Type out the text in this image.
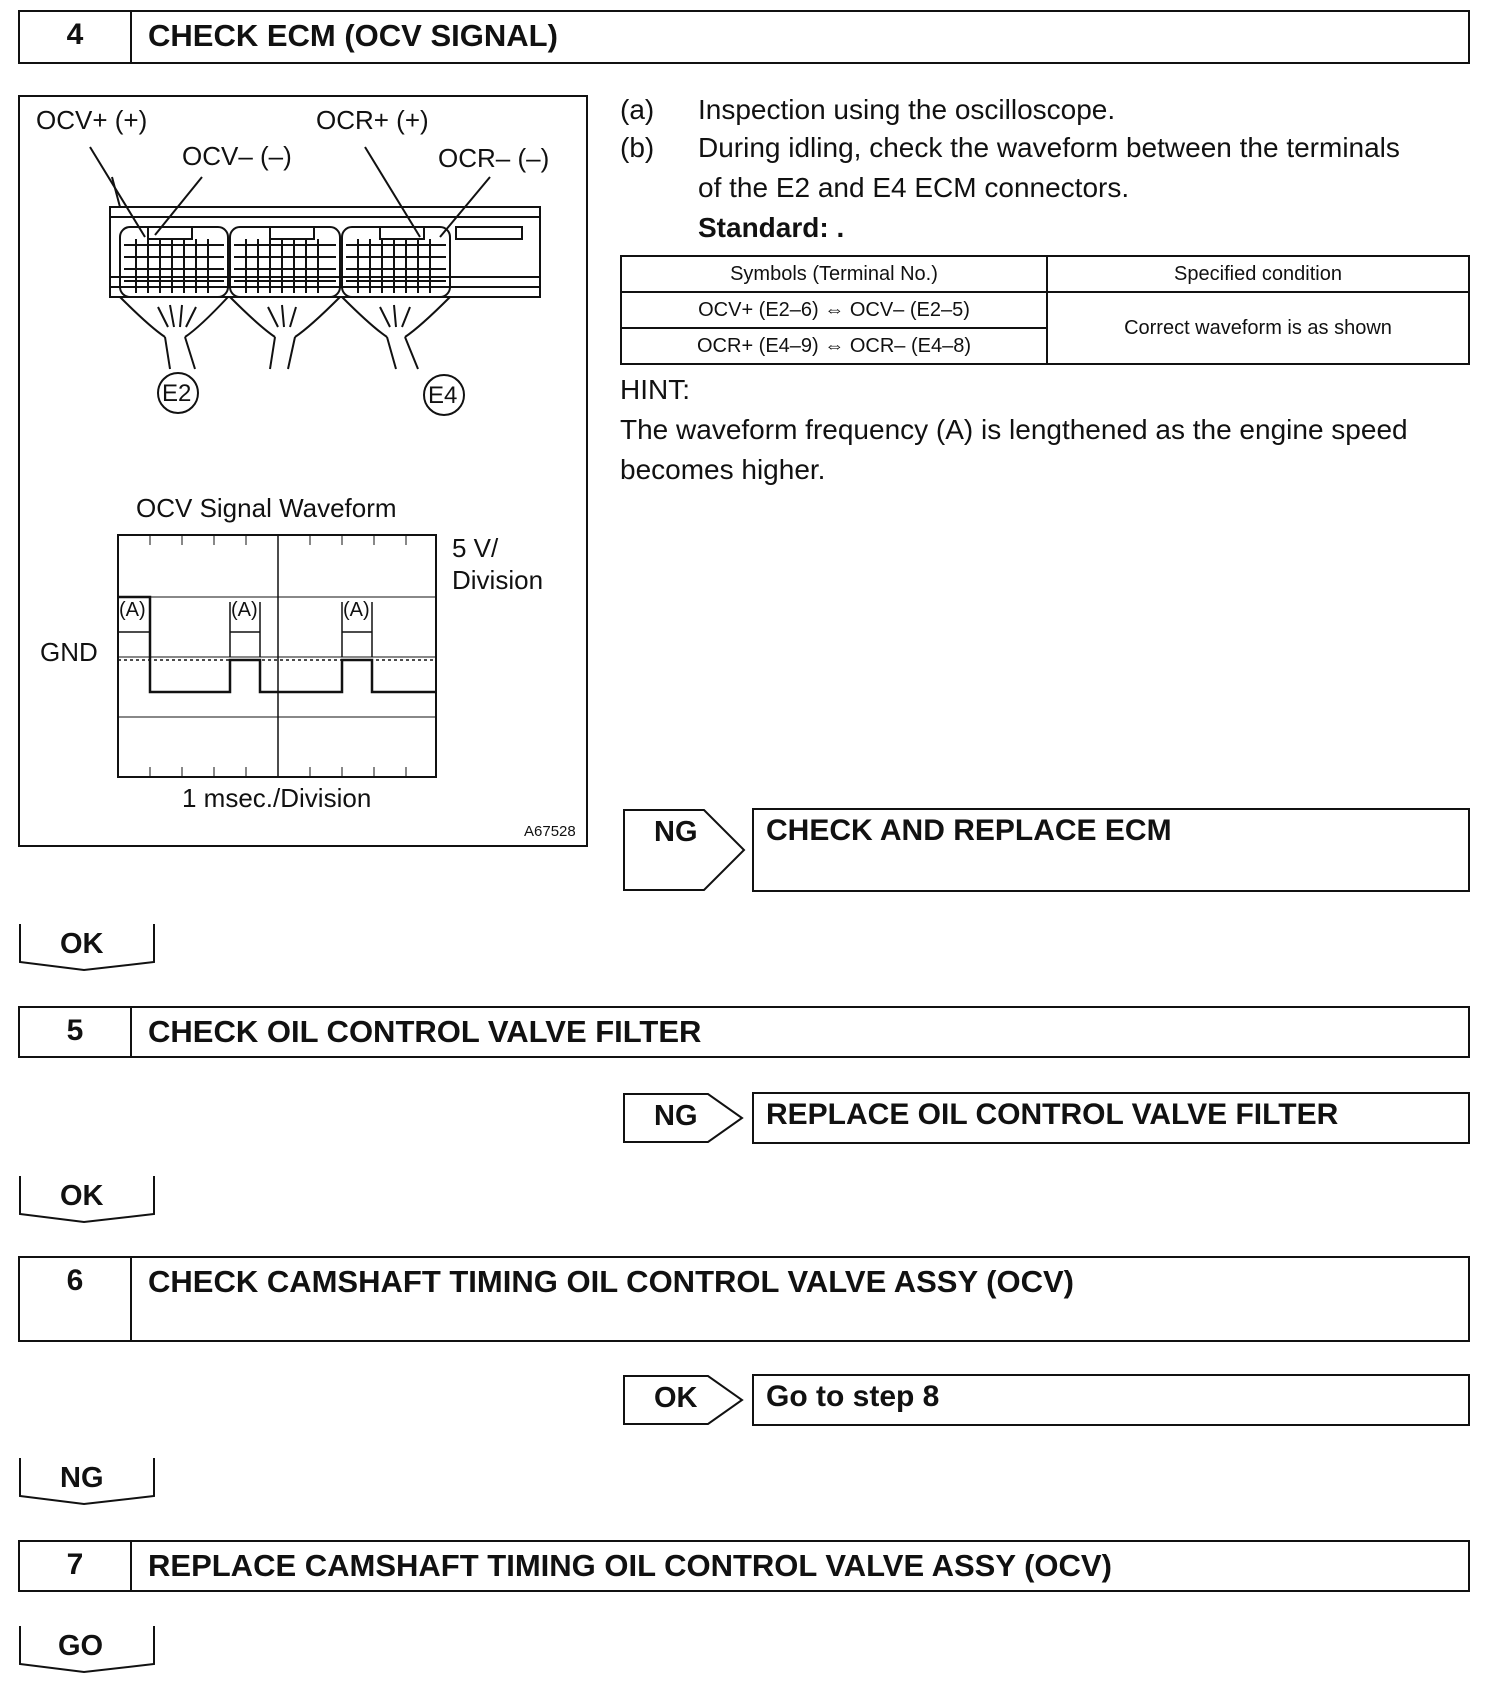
4	CHECK ECM (OCV SIGNAL)
OCV+ (+)
OCV– (–)
OCR+ (+)
OCR– (–)
E2	E4
OCV Signal Waveform
5 V/
Division
GND
(A)	(A)	(A)
1 msec./Division
A67528
(a) Inspection using the oscilloscope.
(b) During idling, check the waveform between the terminals
of the E2 and E4 ECM connectors.
Standard: .
Symbols (Terminal No.)	Specified condition
OCV+ (E2–6) ⇔ OCV– (E2–5)	Correct waveform is as shown
OCR+ (E4–9) ⇔ OCR– (E4–8)	
HINT:
The waveform frequency (A) is lengthened as the engine speed
becomes higher.
NG	CHECK AND REPLACE ECM
OK
5	CHECK OIL CONTROL VALVE FILTER
NG	REPLACE OIL CONTROL VALVE FILTER
OK
6	CHECK CAMSHAFT TIMING OIL CONTROL VALVE ASSY (OCV)
OK	Go to step 8
NG
7	REPLACE CAMSHAFT TIMING OIL CONTROL VALVE ASSY (OCV)
GO
